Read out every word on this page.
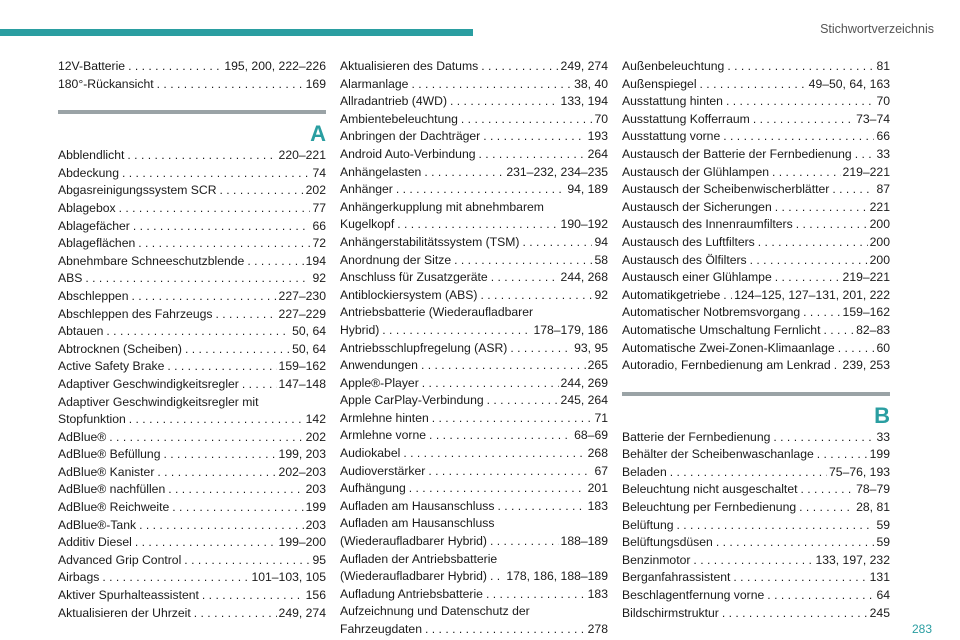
Stichwortverzeichnis
12V-Batterie . . .	195, 200, 222–226
180°-Rückansicht . . .	169
A
Abblendlicht . . .	220–221
Abdeckung . . .	74
Abgasreinigungssystem SCR . . .	202
Ablagebox . . .	77
Ablagefächer . . .	66
Ablageflächen . . .	72
Abnehmbare Schneeschutzblende . . .	194
ABS . . .	92
Abschleppen . . .	227–230
Abschleppen des Fahrzeugs . . .	227–229
Abtauen . . .	50, 64
Abtrocknen (Scheiben) . . .	50, 64
Active Safety Brake . . .	159–162
Adaptiver Geschwindigkeitsregler . . .	147–148
Adaptiver Geschwindigkeitsregler mit
Stopfunktion . . .	142
AdBlue® . . .	202
AdBlue® Befüllung . . .	199, 203
AdBlue® Kanister . . .	202–203
AdBlue® nachfüllen . . .	203
AdBlue® Reichweite . . .	199
AdBlue®-Tank . . .	203
Additiv Diesel . . .	199–200
Advanced Grip Control . . .	95
Airbags . . .	101–103, 105
Aktiver Spurhalteassistent . . .	156
Aktualisieren der Uhrzeit . . .	249, 274
Aktualisieren des Datums . . .	249, 274
Alarmanlage . . .	38, 40
Allradantrieb (4WD) . . .	133, 194
Ambientebeleuchtung . . .	70
Anbringen der Dachträger . . .	193
Android Auto-Verbindung . . .	264
Anhängelasten . . .	231–232, 234–235
Anhänger . . .	94, 189
Anhängerkupplung mit abnehmbarem
Kugelkopf . . .	190–192
Anhängerstabilitätssystem (TSM) . . .	94
Anordnung der Sitze . . .	58
Anschluss für Zusatzgeräte . . .	244, 268
Antiblockiersystem (ABS) . . .	92
Antriebsbatterie (Wiederaufladbarer
Hybrid) . . .	178–179, 186
Antriebsschlupfregelung (ASR) . . .	93, 95
Anwendungen . . .	265
Apple®-Player . . .	244, 269
Apple CarPlay-Verbindung . . .	245, 264
Armlehne hinten . . .	71
Armlehne vorne . . .	68–69
Audiokabel . . .	268
Audioverstärker . . .	67
Aufhängung . . .	201
Aufladen am Hausanschluss . . .	183
Aufladen am Hausanschluss
(Wiederaufladbarer Hybrid) . . .	188–189
Aufladen der Antriebsbatterie
(Wiederaufladbarer Hybrid) . . . 178, 186, 188–189
Aufladung Antriebsbatterie . . .	183
Aufzeichnung und Datenschutz der
Fahrzeugdaten . . .	278
Außenbeleuchtung . . .	81
Außenspiegel . . .	49–50, 64, 163
Ausstattung hinten . . .	70
Ausstattung Kofferraum . . .	73–74
Ausstattung vorne . . .	66
Austausch der Batterie der Fernbedienung . . . 33
Austausch der Glühlampen . . .	219–221
Austausch der Scheibenwischerblätter . . .	87
Austausch der Sicherungen . . .	221
Austausch des Innenraumfilters . . .	200
Austausch des Luftfilters . . .	200
Austausch des Ölfilters . . .	200
Austausch einer Glühlampe . . .	219–221
Automatikgetriebe . . . 124–125, 127–131, 201, 222
Automatischer Notbremsvorgang . . .	159–162
Automatische Umschaltung Fernlicht . . .	82–83
Automatische Zwei-Zonen-Klimaanlage . . .	60
Autoradio, Fernbedienung am Lenkrad . . . 239, 253
B
Batterie der Fernbedienung . . .	33
Behälter der Scheibenwaschanlage . . .	199
Beladen . . .	75–76, 193
Beleuchtung nicht ausgeschaltet . . .	78–79
Beleuchtung per Fernbedienung . . .	28, 81
Belüftung . . .	59
Belüftungsdüsen . . .	59
Benzinmotor . . .	133, 197, 232
Berganfahrassistent . . .	131
Beschlagentfernung vorne . . .	64
Bildschirmstruktur . . .	245
283
